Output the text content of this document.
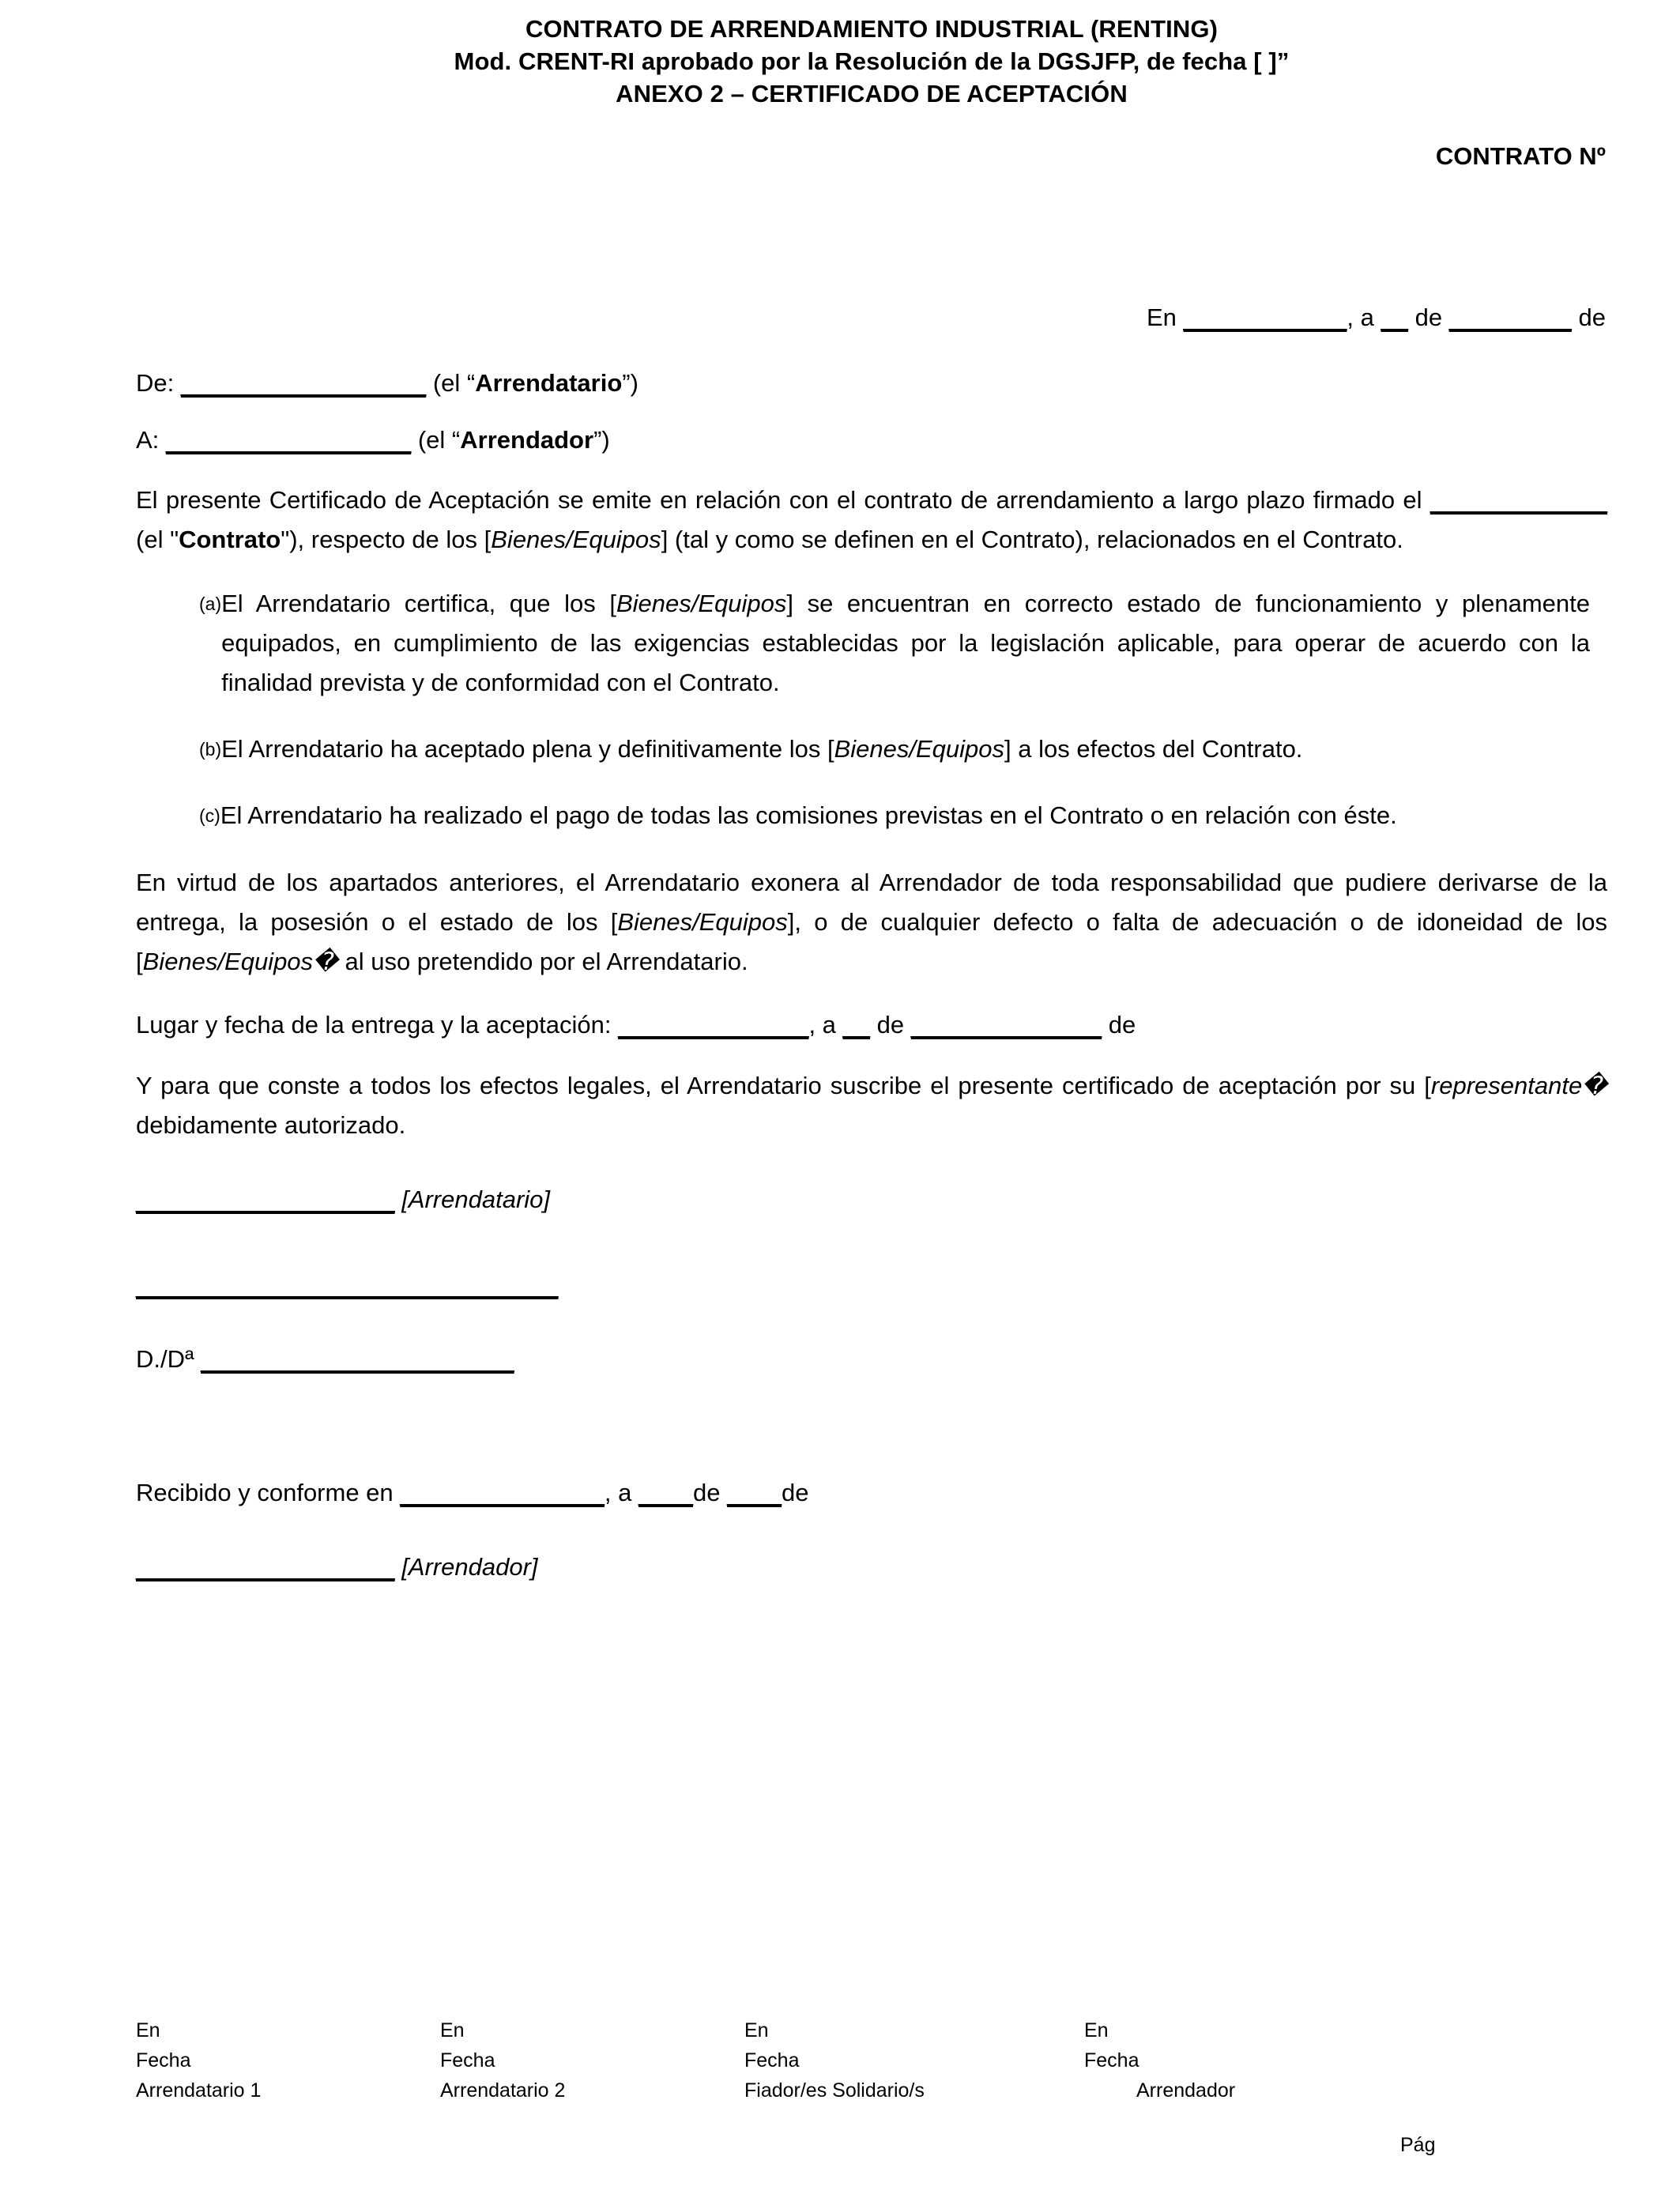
CONTRATO DE ARRENDAMIENTO INDUSTRIAL (RENTING)
Mod. CRENT-RI aprobado por la Resolución de la DGSJFP, de fecha [ ]”
ANEXO 2 – CERTIFICADO DE ACEPTACIÓN
CONTRATO Nº
En ____________, a __ de _________ de
De: __________________ (el “Arrendatario”)
A: __________________ (el “Arrendador”)
El presente Certificado de Aceptación se emite en relación con el contrato de arrendamiento a largo plazo firmado el _____________ (el "Contrato"), respecto de los [Bienes/Equipos] (tal y como se definen en el Contrato), relacionados en el Contrato.
(a) El Arrendatario certifica, que los [Bienes/Equipos] se encuentran en correcto estado de funcionamiento y plenamente equipados, en cumplimiento de las exigencias establecidas por la legislación aplicable, para operar de acuerdo con la finalidad prevista y de conformidad con el Contrato.
(b) El Arrendatario ha aceptado plena y definitivamente los [Bienes/Equipos] a los efectos del Contrato.
(c) El Arrendatario ha realizado el pago de todas las comisiones previstas en el Contrato o en relación con éste.
En virtud de los apartados anteriores, el Arrendatario exonera al Arrendador de toda responsabilidad que pudiere derivarse de la entrega, la posesión o el estado de los [Bienes/Equipos], o de cualquier defecto o falta de adecuación o de idoneidad de los [Bienes/Equipos� al uso pretendido por el Arrendatario.
Lugar y fecha de la entrega y la aceptación: ______________, a __ de ______________ de
Y para que conste a todos los efectos legales, el Arrendatario suscribe el presente certificado de aceptación por su [representante� debidamente autorizado.
___________________ [Arrendatario]
_______________________________
D./Dª _______________________
Recibido y conforme en _______________, a ____de ____de
___________________ [Arrendador]
En
Fecha
Arrendatario 1
En
Fecha
Arrendatario 2
En
Fecha
Fiador/es Solidario/s
En
Fecha
Arrendador
Pág
